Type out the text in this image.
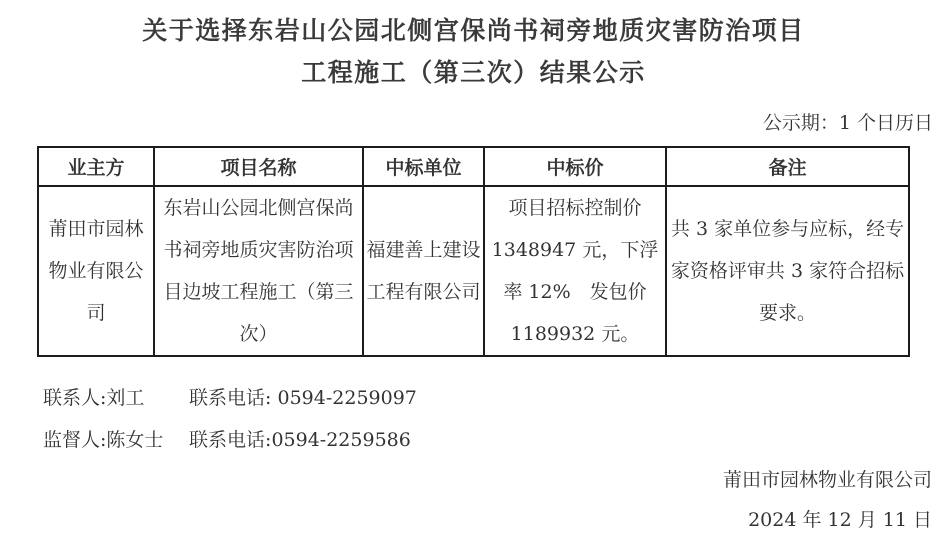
关于选择东岩山公园北侧宫保尚书祠旁地质灾害防治项目
工程施工（第三次）结果公示
公示期：1 个日历日
业主方	项目名称	中标单位	中标价	备注
莆田市园林物业有限公司	东岩山公园北侧宫保尚书祠旁地质灾害防治项目边坡工程施工（第三次）	福建善上建设工程有限公司	项目招标控制价 1348947 元，下浮率 12%　发包价 1189932 元。	共 3 家单位参与应标，经专家资格评审共 3 家符合招标要求。
联系人:刘工 联系电话: 0594-2259097
监督人:陈女士 联系电话:0594-2259586
莆田市园林物业有限公司
2024 年 12 月 11 日
